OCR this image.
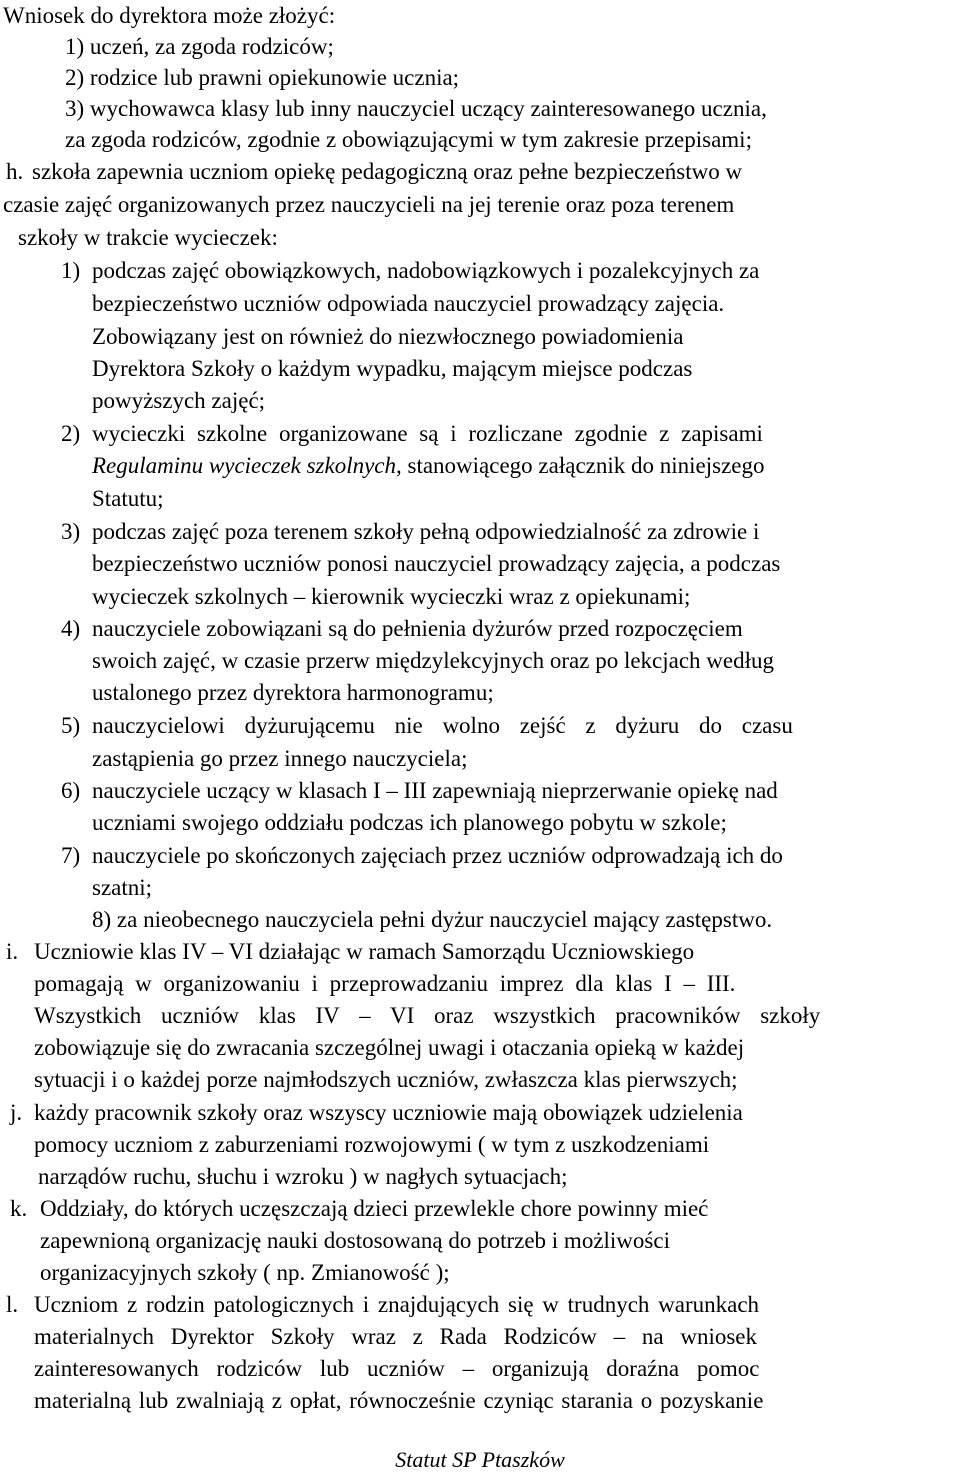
Wniosek do dyrektora może złożyć:
1) uczeń, za zgoda rodziców;
2) rodzice lub prawni opiekunowie ucznia;
3) wychowawca klasy lub inny nauczyciel uczący zainteresowanego ucznia,
za zgoda rodziców, zgodnie z obowiązującymi w tym zakresie przepisami;
h. szkoła zapewnia uczniom opiekę pedagogiczną oraz pełne bezpieczeństwo w
czasie zajęć organizowanych przez nauczycieli na jej terenie oraz poza terenem
szkoły w trakcie wycieczek:
1) podczas zajęć obowiązkowych, nadobowiązkowych i pozalekcyjnych za
bezpieczeństwo uczniów odpowiada nauczyciel prowadzący zajęcia.
Zobowiązany jest on również do niezwłocznego powiadomienia
Dyrektora Szkoły o każdym wypadku, mającym miejsce podczas
powyższych zajęć;
2) wycieczki szkolne organizowane są i rozliczane zgodnie z zapisami
Regulaminu wycieczek szkolnych, stanowiącego załącznik do niniejszego
Statutu;
3) podczas zajęć poza terenem szkoły pełną odpowiedzialność za zdrowie i
bezpieczeństwo uczniów ponosi nauczyciel prowadzący zajęcia, a podczas
wycieczek szkolnych – kierownik wycieczki wraz z opiekunami;
4) nauczyciele zobowiązani są do pełnienia dyżurów przed rozpoczęciem
swoich zajęć, w czasie przerw międzylekcyjnych oraz po lekcjach według
ustalonego przez dyrektora harmonogramu;
5) nauczycielowi dyżurującemu nie wolno zejść z dyżuru do czasu
zastąpienia go przez innego nauczyciela;
6) nauczyciele uczący w klasach I – III zapewniają nieprzerwanie opiekę nad
uczniami swojego oddziału podczas ich planowego pobytu w szkole;
7) nauczyciele po skończonych zajęciach przez uczniów odprowadzają ich do
szatni;
8) za nieobecnego nauczyciela pełni dyżur nauczyciel mający zastępstwo.
i. Uczniowie klas IV – VI działając w ramach Samorządu Uczniowskiego
pomagają w organizowaniu i przeprowadzaniu imprez dla klas I – III.
Wszystkich uczniów klas IV – VI oraz wszystkich pracowników szkoły
zobowiązuje się do zwracania szczególnej uwagi i otaczania opieką w każdej
sytuacji i o każdej porze najmłodszych uczniów, zwłaszcza klas pierwszych;
j. każdy pracownik szkoły oraz wszyscy uczniowie mają obowiązek udzielenia
pomocy uczniom z zaburzeniami rozwojowymi ( w tym z uszkodzeniami
narządów ruchu, słuchu i wzroku ) w nagłych sytuacjach;
k. Oddziały, do których uczęszczają dzieci przewlekle chore powinny mieć
zapewnioną organizację nauki dostosowaną do potrzeb i możliwości
organizacyjnych szkoły ( np. Zmianowość );
l. Uczniom z rodzin patologicznych i znajdujących się w trudnych warunkach
materialnych Dyrektor Szkoły wraz z Rada Rodziców – na wniosek
zainteresowanych rodziców lub uczniów – organizują doraźna pomoc
materialną lub zwalniają z opłat, równocześnie czyniąc starania o pozyskanie
Statut SP Ptaszków
